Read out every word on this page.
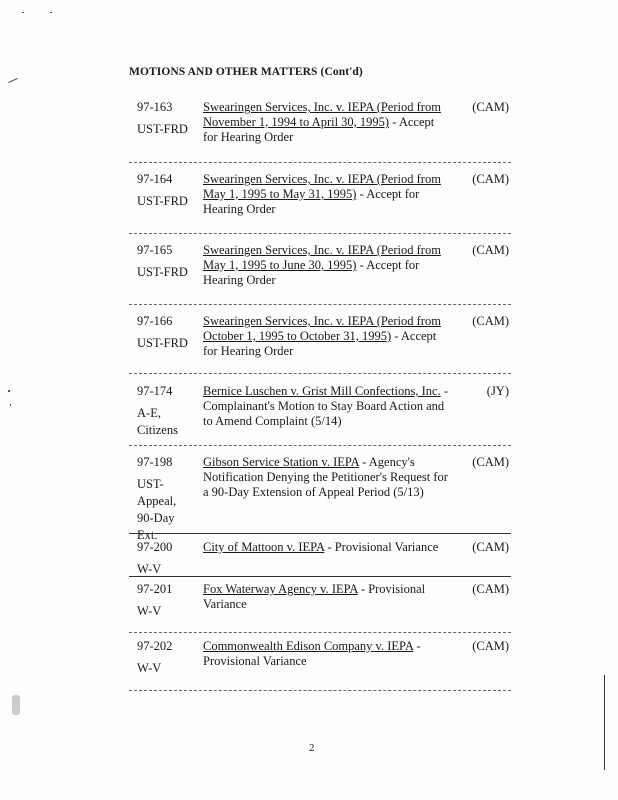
MOTIONS AND OTHER MATTERS (Cont'd)
97-163
UST-FRD
Swearingen Services, Inc. v. IEPA (Period from November 1, 1994 to April 30, 1995) - Accept for Hearing Order
(CAM)
97-164
UST-FRD
Swearingen Services, Inc. v. IEPA (Period from May 1, 1995 to May 31, 1995) - Accept for Hearing Order
(CAM)
97-165
UST-FRD
Swearingen Services, Inc. v. IEPA (Period from May 1, 1995 to June 30, 1995) - Accept for Hearing Order
(CAM)
97-166
UST-FRD
Swearingen Services, Inc. v. IEPA (Period from October 1, 1995 to October 31, 1995) - Accept for Hearing Order
(CAM)
97-174
A-E, Citizens
Bernice Luschen v. Grist Mill Confections, Inc. - Complainant's Motion to Stay Board Action and to Amend Complaint (5/14)
(JY)
97-198
UST-Appeal, 90-Day Ext.
Gibson Service Station v. IEPA - Agency's Notification Denying the Petitioner's Request for a 90-Day Extension of Appeal Period (5/13)
(CAM)
97-200
W-V
City of Mattoon v. IEPA - Provisional Variance	(CAM)
97-201
W-V
Fox Waterway Agency v. IEPA - Provisional Variance
(CAM)
97-202
W-V
Commonwealth Edison Company v. IEPA - Provisional Variance
(CAM)
2
